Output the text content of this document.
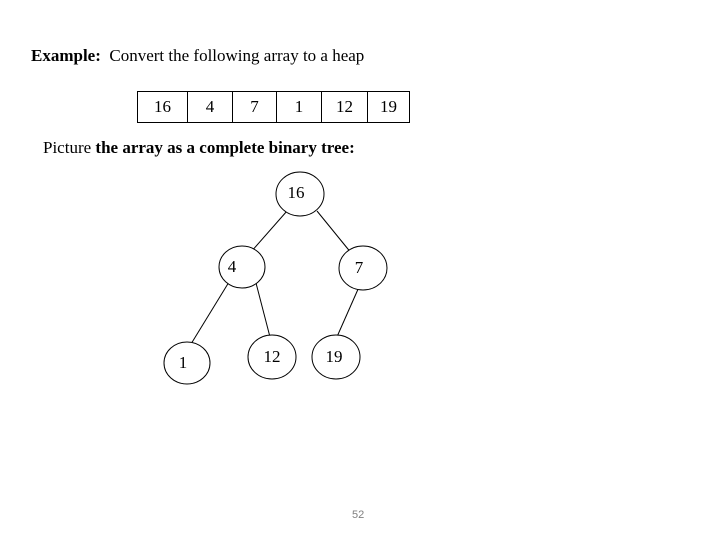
Example: Convert the following array to a heap
16	4	7	1	12	19
Picture the array as a complete binary tree:
16
4	7
1	12	19
52
